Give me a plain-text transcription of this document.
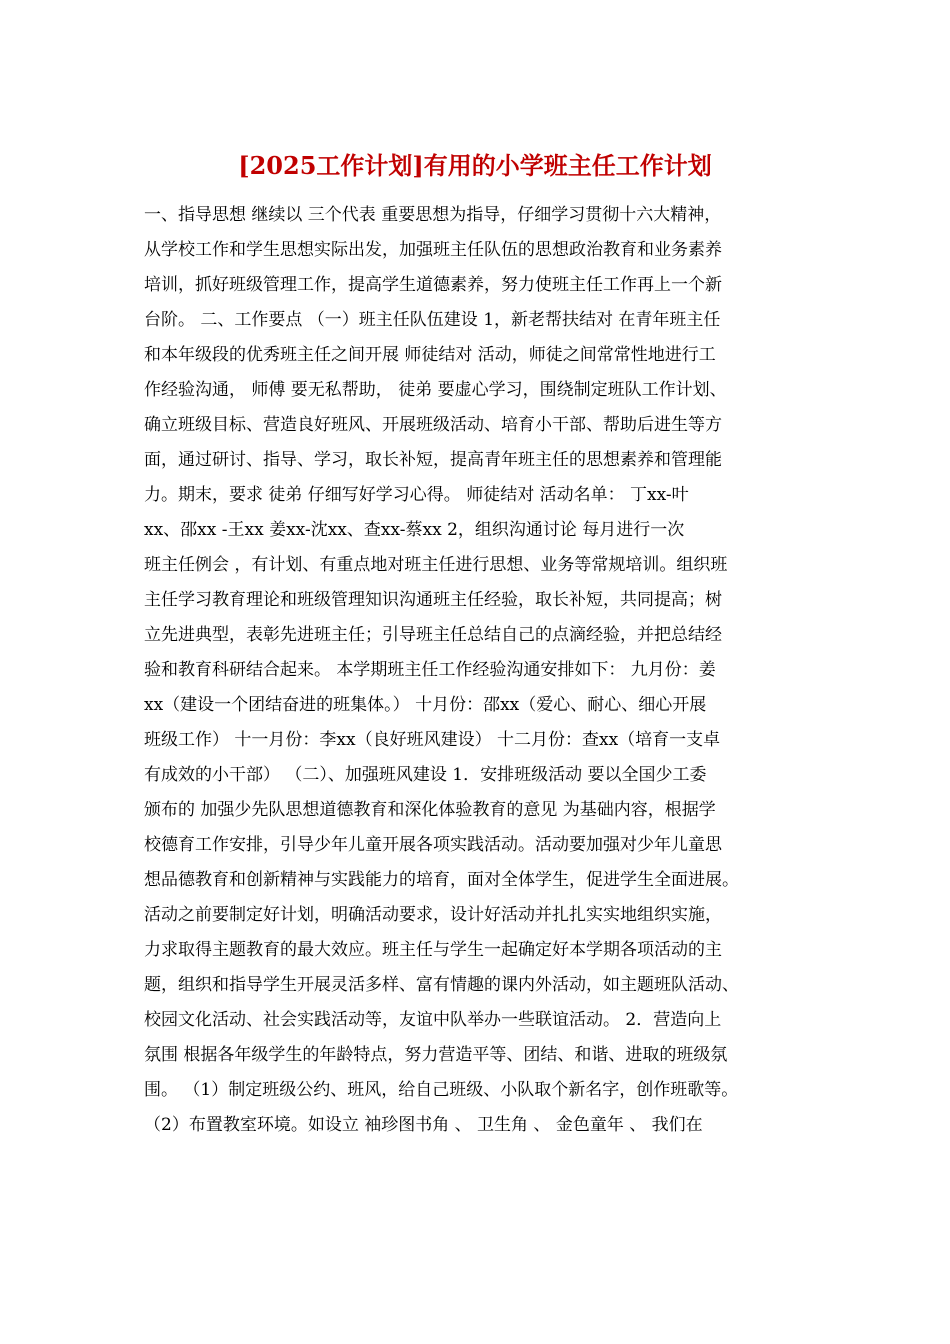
[2025工作计划]有用的小学班主任工作计划
一、指导思想 继续以 三个代表 重要思想为指导，仔细学习贯彻十六大精神，
从学校工作和学生思想实际出发，加强班主任队伍的思想政治教育和业务素养
培训，抓好班级管理工作，提高学生道德素养，努力使班主任工作再上一个新
台阶。 二、工作要点 （一）班主任队伍建设 1，新老帮扶结对 在青年班主任
和本年级段的优秀班主任之间开展 师徒结对 活动，师徒之间常常性地进行工
作经验沟通， 师傅 要无私帮助， 徒弟 要虚心学习，围绕制定班队工作计划、
确立班级目标、营造良好班风、开展班级活动、培育小干部、帮助后进生等方
面，通过研讨、指导、学习，取长补短，提高青年班主任的思想素养和管理能
力。期末，要求 徒弟 仔细写好学习心得。 师徒结对 活动名单： 丁xx-叶
xx、邵xx -王xx 姜xx-沈xx、查xx-蔡xx 2，组织沟通讨论 每月进行一次
班主任例会 ，有计划、有重点地对班主任进行思想、业务等常规培训。组织班
主任学习教育理论和班级管理知识沟通班主任经验，取长补短，共同提高；树
立先进典型，表彰先进班主任；引导班主任总结自己的点滴经验，并把总结经
验和教育科研结合起来。 本学期班主任工作经验沟通安排如下： 九月份：姜
xx（建设一个团结奋进的班集体。） 十月份：邵xx（爱心、耐心、细心开展
班级工作） 十一月份：李xx（良好班风建设） 十二月份：查xx（培育一支卓
有成效的小干部） （二）、加强班风建设 1．安排班级活动 要以全国少工委
颁布的 加强少先队思想道德教育和深化体验教育的意见 为基础内容，根据学
校德育工作安排，引导少年儿童开展各项实践活动。活动要加强对少年儿童思
想品德教育和创新精神与实践能力的培育，面对全体学生，促进学生全面进展。
活动之前要制定好计划，明确活动要求，设计好活动并扎扎实实地组织实施，
力求取得主题教育的最大效应。班主任与学生一起确定好本学期各项活动的主
题，组织和指导学生开展灵活多样、富有情趣的课内外活动，如主题班队活动、
校园文化活动、社会实践活动等，友谊中队举办一些联谊活动。 2．营造向上
氛围 根据各年级学生的年龄特点，努力营造平等、团结、和谐、进取的班级氛
围。 （1）制定班级公约、班风，给自己班级、小队取个新名字，创作班歌等。
（2）布置教室环境。如设立 袖珍图书角 、 卫生角 、 金色童年 、 我们在
